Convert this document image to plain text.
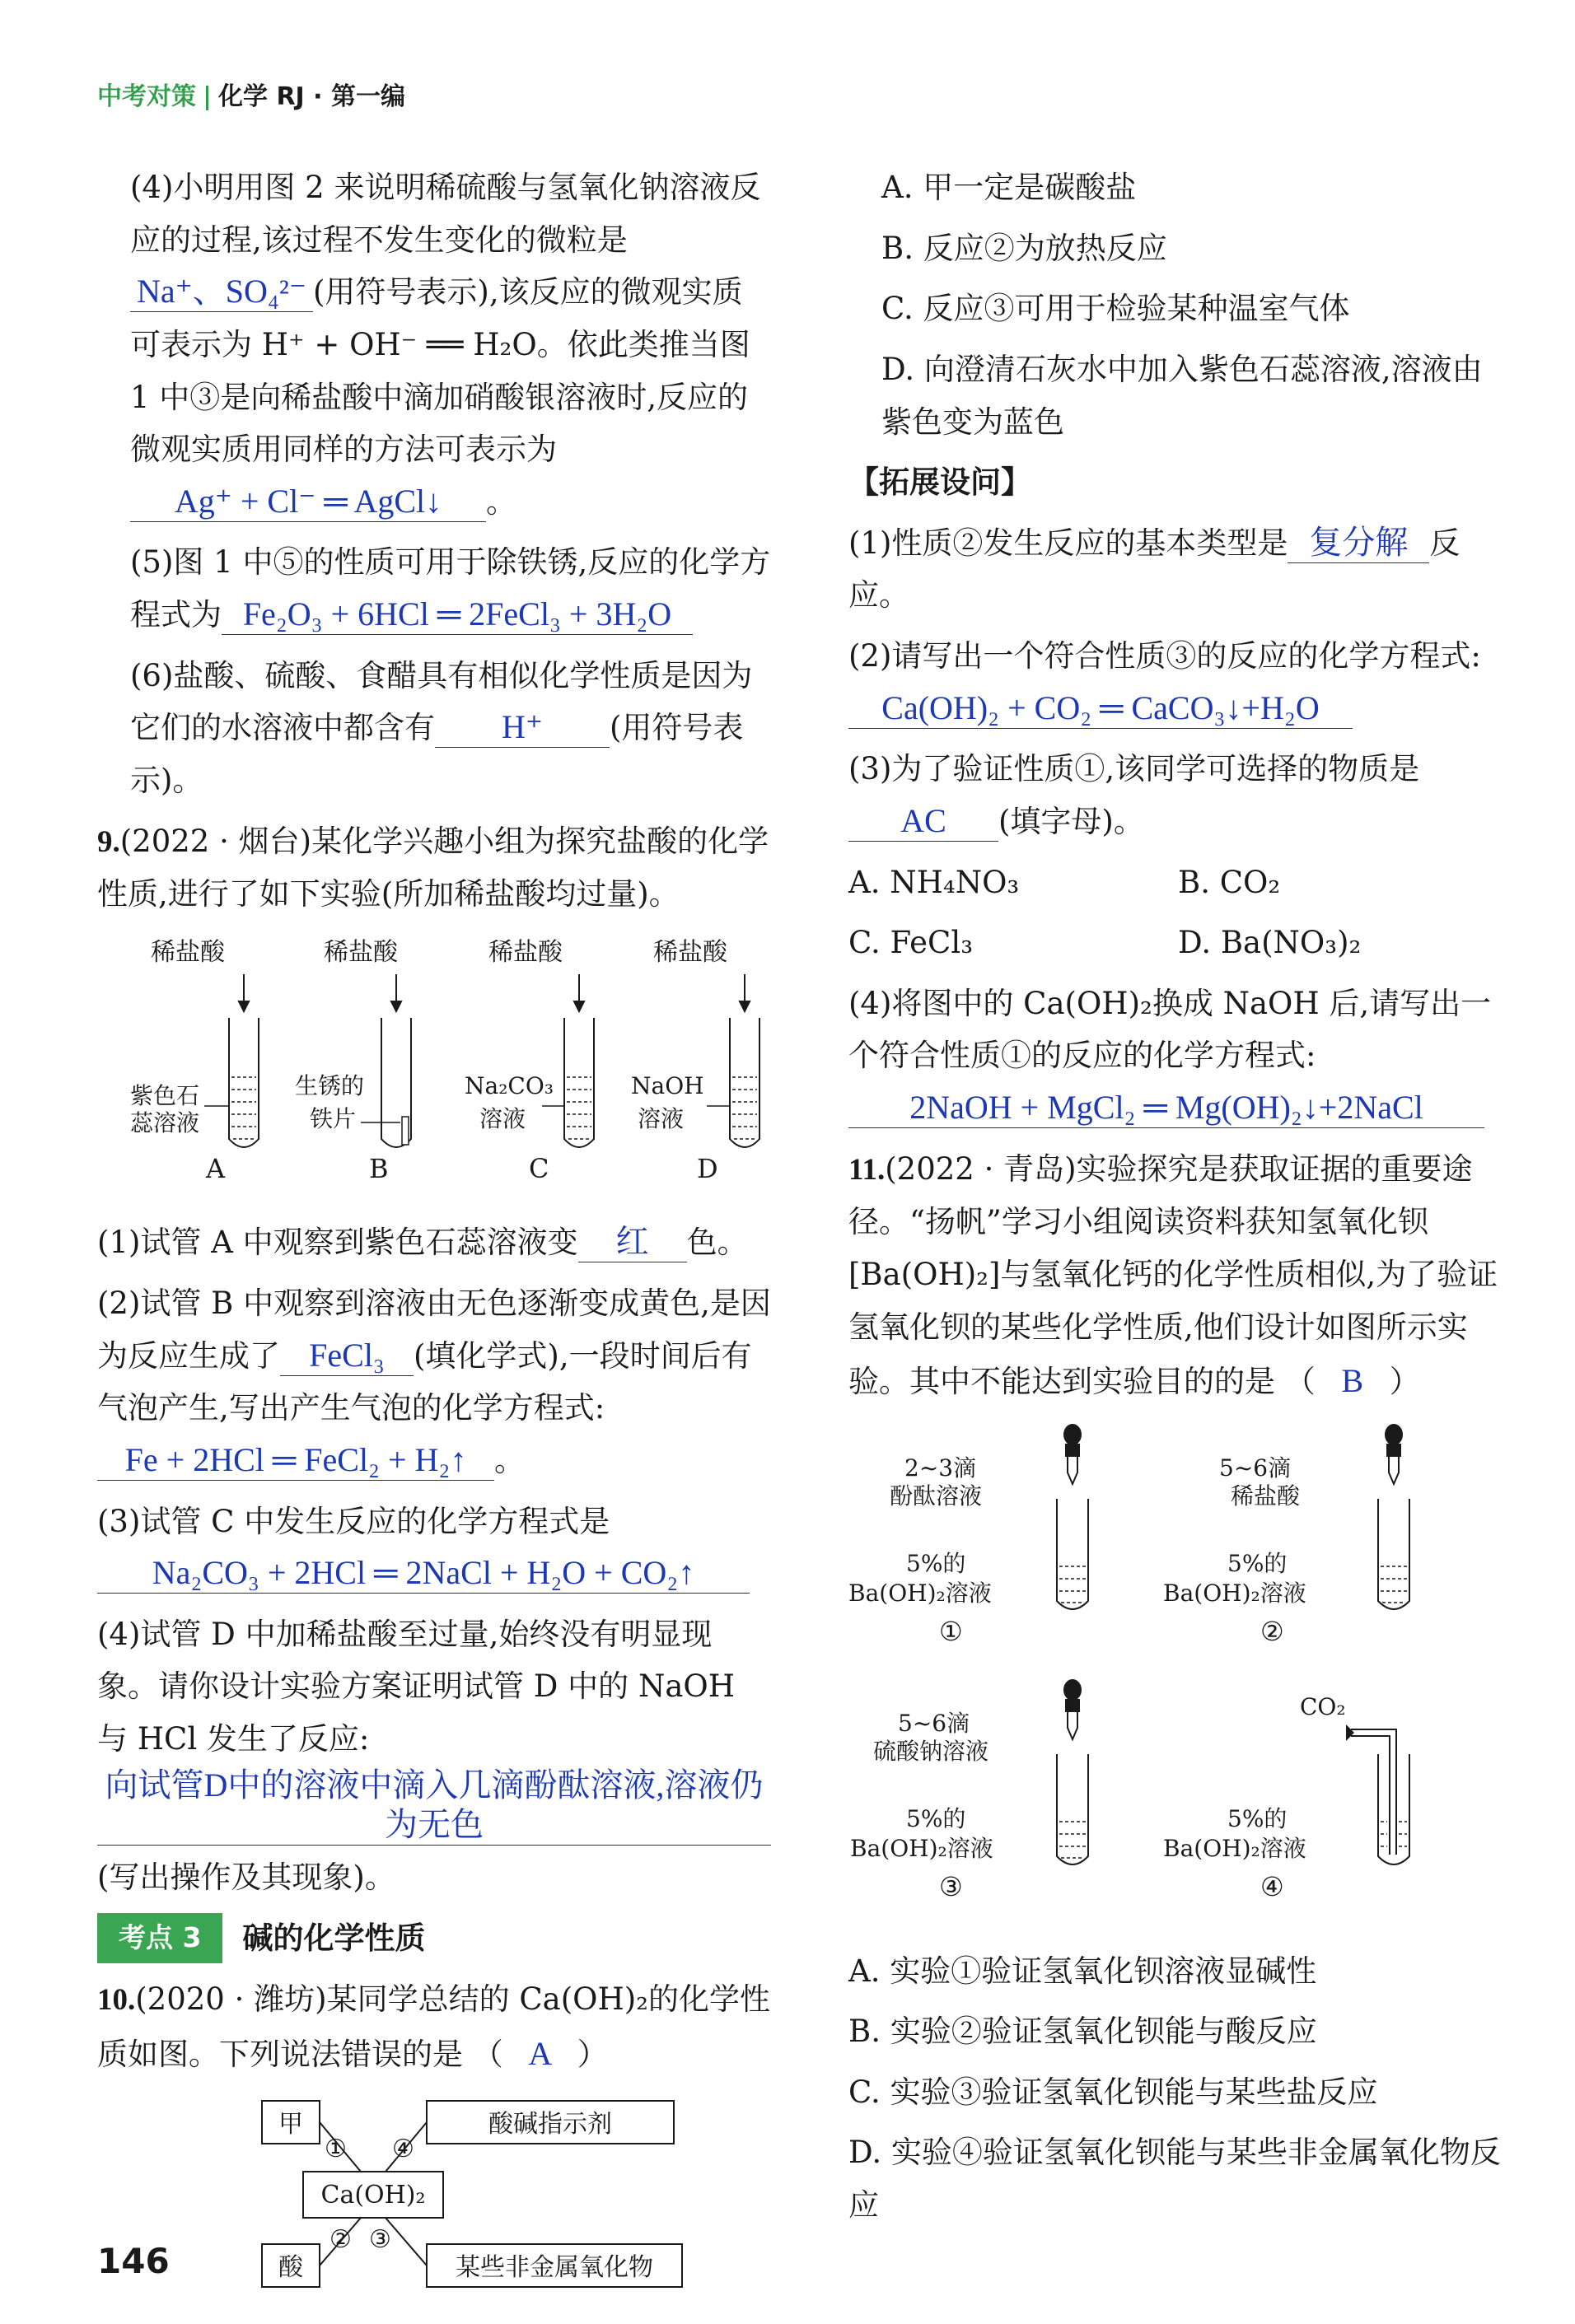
中考对策 化学 RJ · 第一编

(4)小明用图 2 来说明稀硫酸与氢氧化钠溶液反应的过程,该过程不发生变化的微粒是 Na⁺、SO₄²⁻ (用符号表示),该反应的微观实质可表示为 H⁺ + OH⁻ ══ H₂O。依此类推当图 1 中③是向稀盐酸中滴加硝酸银溶液时,反应的微观实质用同样的方法可表示为 Ag⁺ + Cl⁻ ═ AgCl↓ 。

(5)图 1 中⑤的性质可用于除铁锈,反应的化学方程式为 Fe₂O₃ + 6HCl ═ 2FeCl₃ + 3H₂O

(6)盐酸、硫酸、食醋具有相似化学性质是因为它们的水溶液中都含有 H⁺ (用符号表示)。

9.(2022 · 烟台)某化学兴趣小组为探究盐酸的化学性质,进行了如下实验(所加稀盐酸均过量)。

稀盐酸	稀盐酸	稀盐酸	稀盐酸
紫色石
蕊溶液
生锈的
铁片
Na₂CO₃
溶液
NaOH
溶液
A	B	C	D

(1)试管 A 中观察到紫色石蕊溶液变 红 色。

(2)试管 B 中观察到溶液由无色逐渐变成黄色,是因为反应生成了 FeCl₃ (填化学式),一段时间后有气泡产生,写出产生气泡的化学方程式:Fe + 2HCl ═ FeCl₂ + H₂↑ 。

(3)试管 C 中发生反应的化学方程式是Na₂CO₃ + 2HCl ═ 2NaCl + H₂O + CO₂↑

(4)试管 D 中加稀盐酸至过量,始终没有明显现象。请你设计实验方案证明试管 D 中的 NaOH 与 HCl 发生了反应:向试管D中的溶液中滴入几滴酚酞溶液,溶液仍为无色
(写出操作及其现象)。

考点 3	碱的化学性质

10.(2020 · 潍坊)某同学总结的 Ca(OH)₂的化学性质如图。下列说法错误的是 （ A ）

甲	酸碱指示剂
Ca(OH)₂
酸	某些非金属氧化物
① ④
② ③

A. 甲一定是碳酸盐

B. 反应②为放热反应

C. 反应③可用于检验某种温室气体

D. 向澄清石灰水中加入紫色石蕊溶液,溶液由紫色变为蓝色

【拓展设问】

(1)性质②发生反应的基本类型是 复分解 反应。

(2)请写出一个符合性质③的反应的化学方程式:Ca(OH)₂ + CO₂ ═ CaCO₃↓+H₂O

(3)为了验证性质①,该同学可选择的物质是AC (填字母)。

A. NH₄NO₃	B. CO₂
C. FeCl₃	D. Ba(NO₃)₂

(4)将图中的 Ca(OH)₂换成 NaOH 后,请写出一个符合性质①的反应的化学方程式:2NaOH + MgCl₂ ═ Mg(OH)₂↓+2NaCl

11.(2022 · 青岛)实验探究是获取证据的重要途径。“扬帆”学习小组阅读资料获知氢氧化钡[Ba(OH)₂]与氢氧化钙的化学性质相似,为了验证氢氧化钡的某些化学性质,他们设计如图所示实验。其中不能达到实验目的的是 （ B ）

2~3滴
酚酞溶液
5~6滴
稀盐酸
5~6滴
硫酸钠溶液
CO₂
5%的
Ba(OH)₂溶液
5%的
Ba(OH)₂溶液
5%的
Ba(OH)₂溶液
5%的
Ba(OH)₂溶液
①	②
③	④

A. 实验①验证氢氧化钡溶液显碱性

B. 实验②验证氢氧化钡能与酸反应

C. 实验③验证氢氧化钡能与某些盐反应

D. 实验④验证氢氧化钡能与某些非金属氧化物反应

146
